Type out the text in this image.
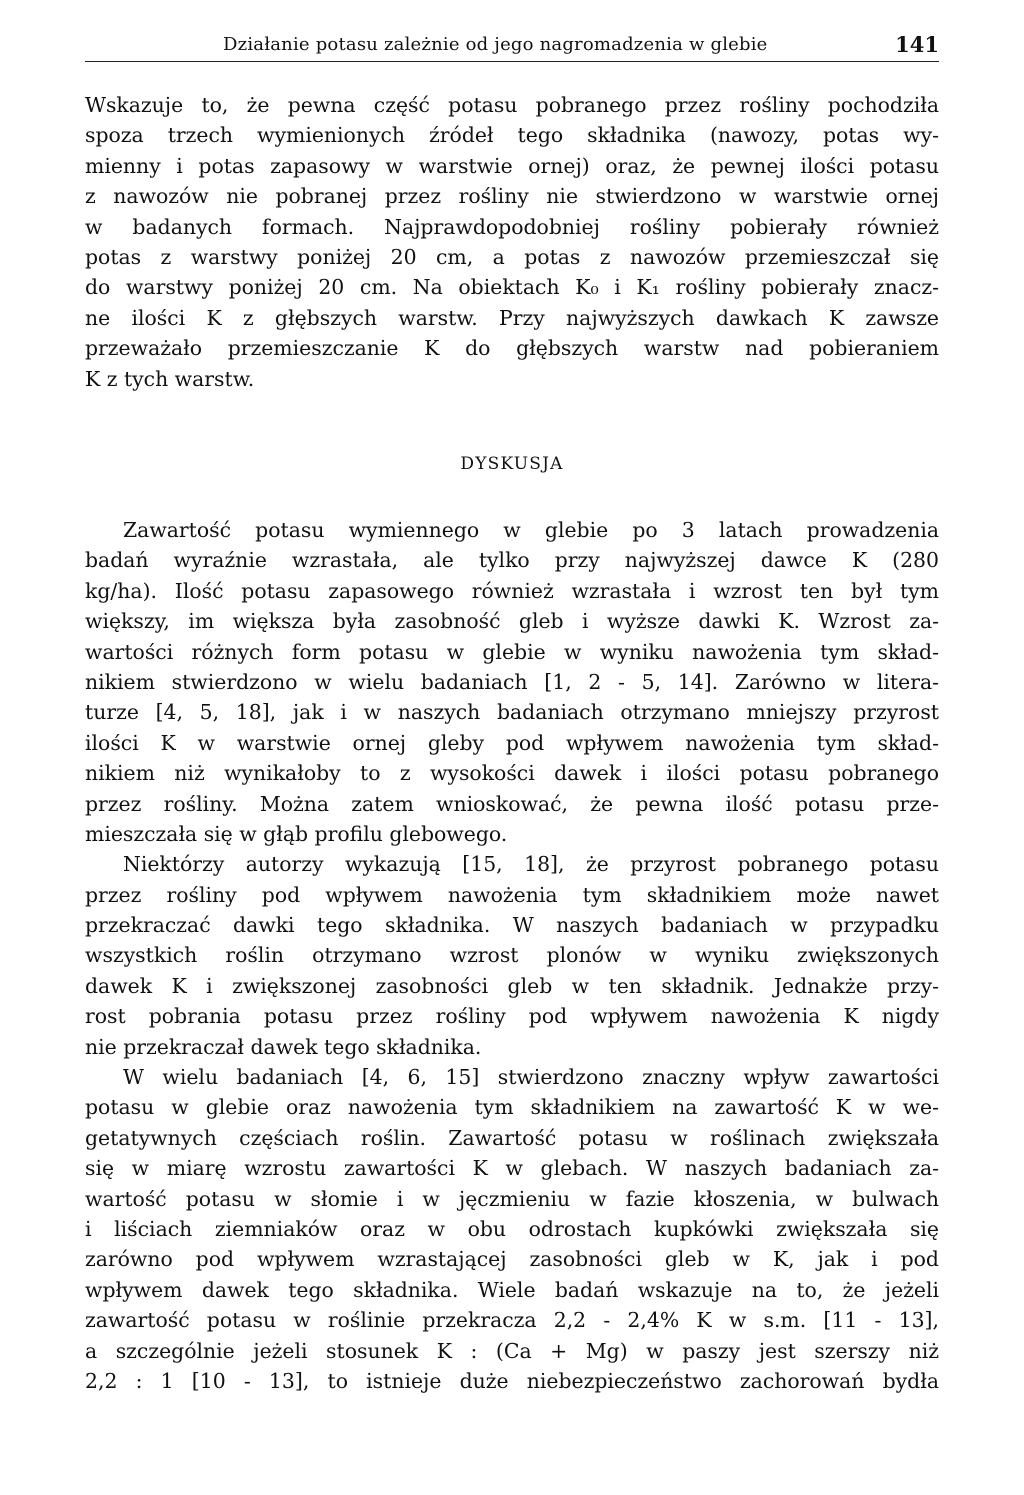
Działanie potasu zależnie od jego nagromadzenia w glebie	141
Wskazuje to, że pewna część potasu pobranego przez rośliny pochodziła
spoza trzech wymienionych źródeł tego składnika (nawozy, potas wy-
mienny i potas zapasowy w warstwie ornej) oraz, że pewnej ilości potasu
z nawozów nie pobranej przez rośliny nie stwierdzono w warstwie ornej
w badanych formach. Najprawdopodobniej rośliny pobierały również
potas z warstwy poniżej 20 cm, a potas z nawozów przemieszczał się
do warstwy poniżej 20 cm. Na obiektach K₀ i K₁ rośliny pobierały znacz-
ne ilości K z głębszych warstw. Przy najwyższych dawkach K zawsze
przeważało przemieszczanie K do głębszych warstw nad pobieraniem
K z tych warstw.
DYSKUSJA
Zawartość potasu wymiennego w glebie po 3 latach prowadzenia
badań wyraźnie wzrastała, ale tylko przy najwyższej dawce K (280
kg/ha). Ilość potasu zapasowego również wzrastała i wzrost ten był tym
większy, im większa była zasobność gleb i wyższe dawki K. Wzrost za-
wartości różnych form potasu w glebie w wyniku nawożenia tym skład-
nikiem stwierdzono w wielu badaniach [1, 2 - 5, 14]. Zarówno w litera-
turze [4, 5, 18], jak i w naszych badaniach otrzymano mniejszy przyrost
ilości K w warstwie ornej gleby pod wpływem nawożenia tym skład-
nikiem niż wynikałoby to z wysokości dawek i ilości potasu pobranego
przez rośliny. Można zatem wnioskować, że pewna ilość potasu prze-
mieszczała się w głąb profilu glebowego.
Niektórzy autorzy wykazują [15, 18], że przyrost pobranego potasu
przez rośliny pod wpływem nawożenia tym składnikiem może nawet
przekraczać dawki tego składnika. W naszych badaniach w przypadku
wszystkich roślin otrzymano wzrost plonów w wyniku zwiększonych
dawek K i zwiększonej zasobności gleb w ten składnik. Jednakże przy-
rost pobrania potasu przez rośliny pod wpływem nawożenia K nigdy
nie przekraczał dawek tego składnika.
W wielu badaniach [4, 6, 15] stwierdzono znaczny wpływ zawartości
potasu w glebie oraz nawożenia tym składnikiem na zawartość K w we-
getatywnych częściach roślin. Zawartość potasu w roślinach zwiększała
się w miarę wzrostu zawartości K w glebach. W naszych badaniach za-
wartość potasu w słomie i w jęczmieniu w fazie kłoszenia, w bulwach
i liściach ziemniaków oraz w obu odrostach kupkówki zwiększała się
zarówno pod wpływem wzrastającej zasobności gleb w K, jak i pod
wpływem dawek tego składnika. Wiele badań wskazuje na to, że jeżeli
zawartość potasu w roślinie przekracza 2,2 - 2,4% K w s.m. [11 - 13],
a szczególnie jeżeli stosunek K : (Ca + Mg) w paszy jest szerszy niż
2,2 : 1 [10 - 13], to istnieje duże niebezpieczeństwo zachorowań bydła
